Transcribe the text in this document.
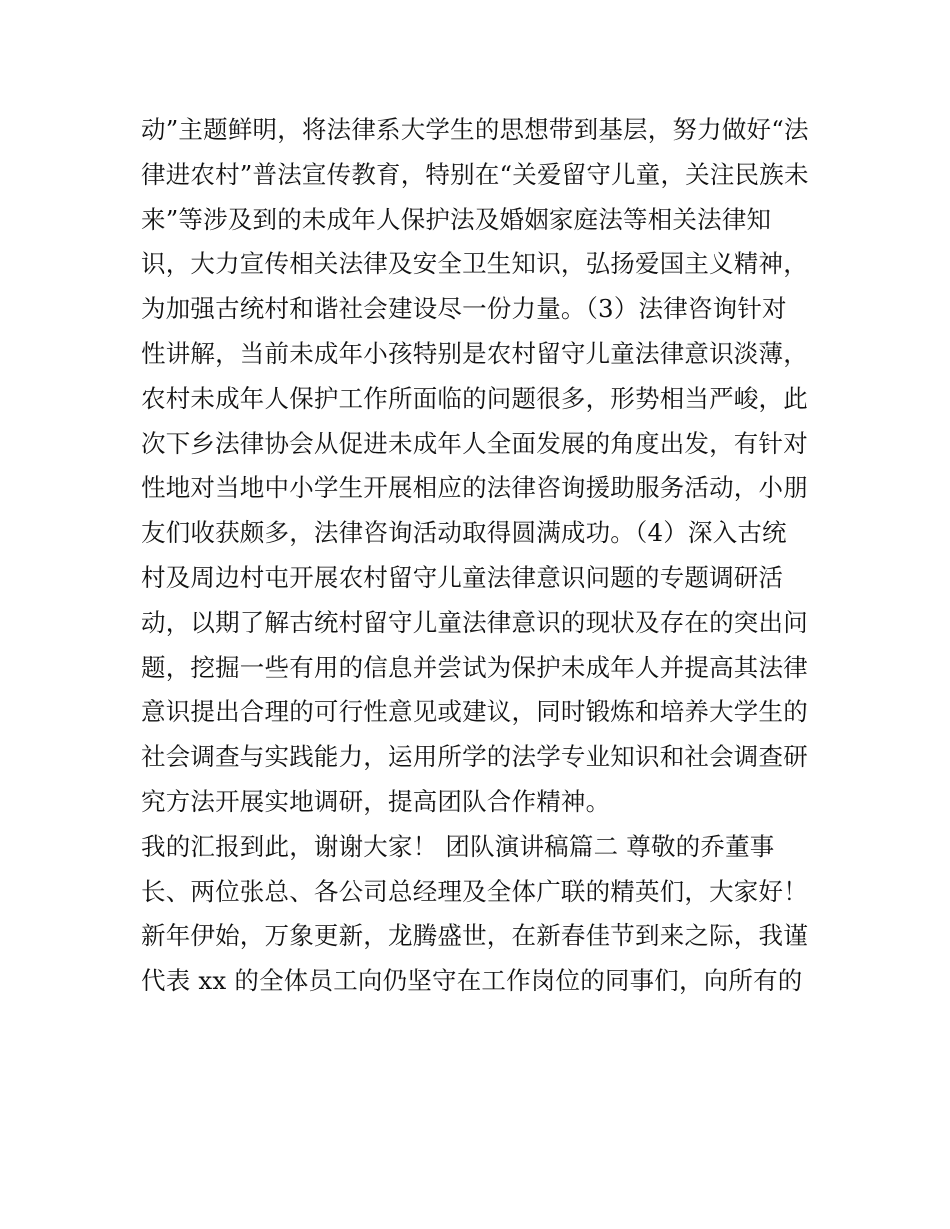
动”主题鲜明，将法律系大学生的思想带到基层，努力做好“法
律进农村”普法宣传教育，特别在“关爱留守儿童，关注民族未
来”等涉及到的未成年人保护法及婚姻家庭法等相关法律知
识，大力宣传相关法律及安全卫生知识，弘扬爱国主义精神，
为加强古统村和谐社会建设尽一份力量。（3）法律咨询针对
性讲解，当前未成年小孩特别是农村留守儿童法律意识淡薄，
农村未成年人保护工作所面临的问题很多，形势相当严峻，此
次下乡法律协会从促进未成年人全面发展的角度出发，有针对
性地对当地中小学生开展相应的法律咨询援助服务活动，小朋
友们收获颇多，法律咨询活动取得圆满成功。（4）深入古统
村及周边村屯开展农村留守儿童法律意识问题的专题调研活
动，以期了解古统村留守儿童法律意识的现状及存在的突出问
题，挖掘一些有用的信息并尝试为保护未成年人并提高其法律
意识提出合理的可行性意见或建议，同时锻炼和培养大学生的
社会调查与实践能力，运用所学的法学专业知识和社会调查研
究方法开展实地调研，提高团队合作精神。
我的汇报到此，谢谢大家！ 团队演讲稿篇二 尊敬的乔董事
长、两位张总、各公司总经理及全体广联的精英们，大家好！
新年伊始，万象更新，龙腾盛世，在新春佳节到来之际，我谨
代表 xx 的全体员工向仍坚守在工作岗位的同事们，向所有的
